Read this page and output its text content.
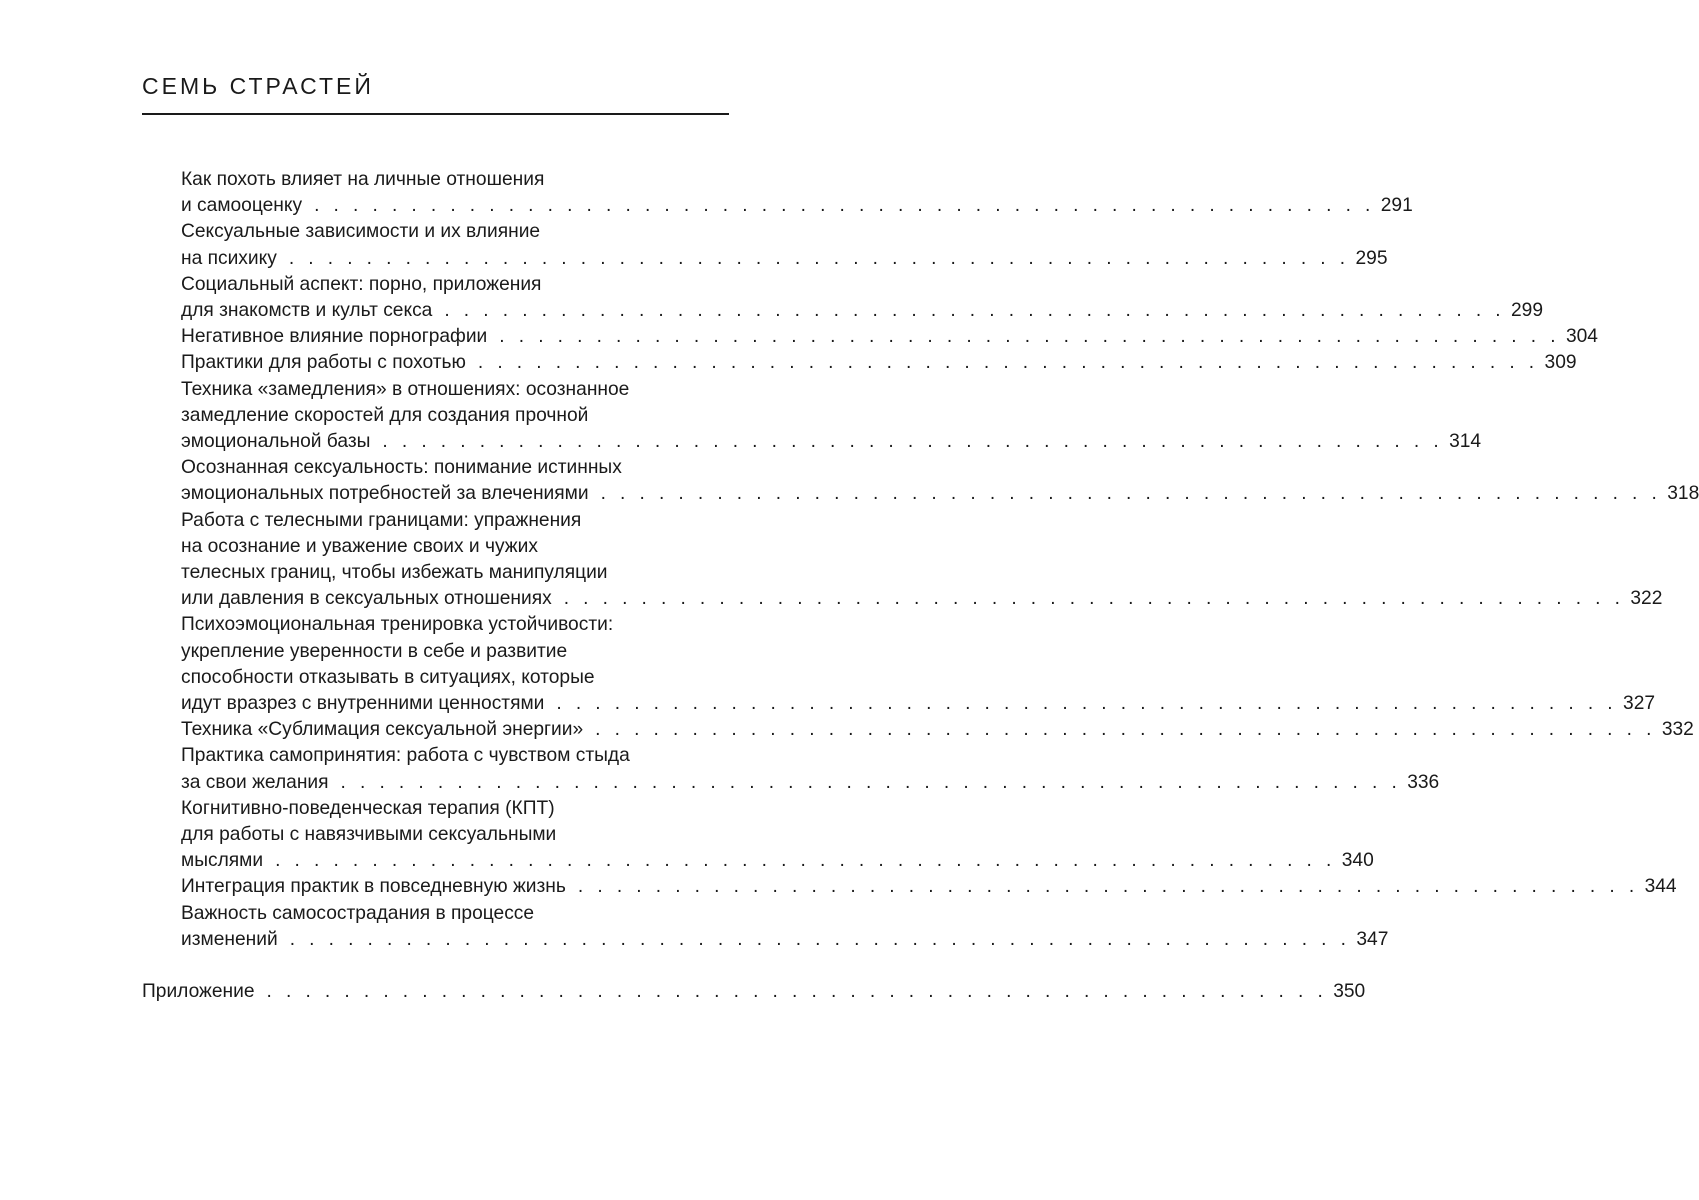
СЕМЬ СТРАСТЕЙ
Как похоть влияет на личные отношения
и самооценку . . . . . . . . . . . . . . . . . . . . . . . . . . . . . . . . . . . . . . . . . . . . . . . . . . . . . . . 291
Сексуальные зависимости и их влияние
на психику . . . . . . . . . . . . . . . . . . . . . . . . . . . . . . . . . . . . . . . . . . . . . . . . . . . . . . . 295
Социальный аспект: порно, приложения
для знакомств и культ секса . . . . . . . . . . . . . . . . . . . . . . . . . . . . . . . . . . . . . . . . . . . . . . . . . . . . . . . 299
Негативное влияние порнографии . . . . . . . . . . . . . . . . . . . . . . . . . . . . . . . . . . . . . . . . . . . . . . . . . . . . . . . 304
Практики для работы с похотью . . . . . . . . . . . . . . . . . . . . . . . . . . . . . . . . . . . . . . . . . . . . . . . . . . . . . . . 309
Техника «замедления» в отношениях: осознанное
замедление скоростей для создания прочной
эмоциональной базы . . . . . . . . . . . . . . . . . . . . . . . . . . . . . . . . . . . . . . . . . . . . . . . . . . . . . . . 314
Осознанная сексуальность: понимание истинных
эмоциональных потребностей за влечениями . . . . . . . . . . . . . . . . . . . . . . . . . . . . . . . . . . . . . . . . . . . . . . . . . . . . . . . 318
Работа с телесными границами: упражнения
на осознание и уважение своих и чужих
телесных границ, чтобы избежать манипуляции
или давления в сексуальных отношениях . . . . . . . . . . . . . . . . . . . . . . . . . . . . . . . . . . . . . . . . . . . . . . . . . . . . . . . 322
Психоэмоциональная тренировка устойчивости:
укрепление уверенности в себе и развитие
способности отказывать в ситуациях, которые
идут вразрез с внутренними ценностями . . . . . . . . . . . . . . . . . . . . . . . . . . . . . . . . . . . . . . . . . . . . . . . . . . . . . . . 327
Техника «Сублимация сексуальной энергии» . . . . . . . . . . . . . . . . . . . . . . . . . . . . . . . . . . . . . . . . . . . . . . . . . . . . . . . 332
Практика самопринятия: работа с чувством стыда
за свои желания . . . . . . . . . . . . . . . . . . . . . . . . . . . . . . . . . . . . . . . . . . . . . . . . . . . . . . . 336
Когнитивно-поведенческая терапия (КПТ)
для работы с навязчивыми сексуальными
мыслями . . . . . . . . . . . . . . . . . . . . . . . . . . . . . . . . . . . . . . . . . . . . . . . . . . . . . . . 340
Интеграция практик в повседневную жизнь . . . . . . . . . . . . . . . . . . . . . . . . . . . . . . . . . . . . . . . . . . . . . . . . . . . . . . . 344
Важность самосострадания в процессе
изменений . . . . . . . . . . . . . . . . . . . . . . . . . . . . . . . . . . . . . . . . . . . . . . . . . . . . . . . 347
Приложение . . . . . . . . . . . . . . . . . . . . . . . . . . . . . . . . . . . . . . . . . . . . . . . . . . . . . . . 350
